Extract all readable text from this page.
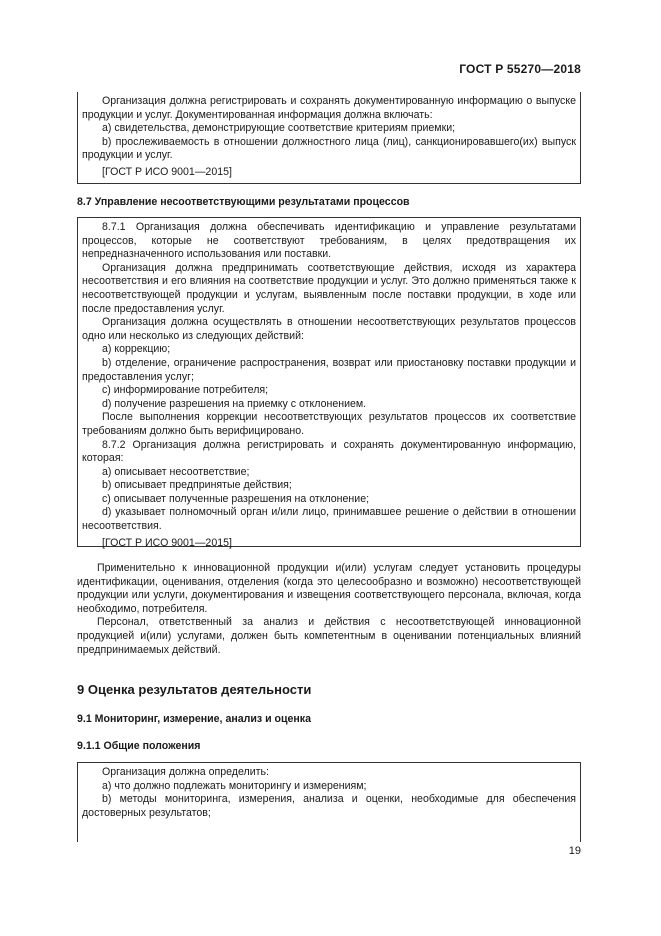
ГОСТ Р 55270—2018
Организация должна регистрировать и сохранять документированную информацию о выпуске продукции и услуг. Документированная информация должна включать:
а) свидетельства, демонстрирующие соответствие критериям приемки;
b) прослеживаемость в отношении должностного лица (лиц), санкционировавшего(их) выпуск продукции и услуг.
[ГОСТ Р ИСО 9001—2015]
8.7 Управление несоответствующими результатами процессов
8.7.1 Организация должна обеспечивать идентификацию и управление результатами процессов, которые не соответствуют требованиям, в целях предотвращения их непредназначенного использования или поставки.
Организация должна предпринимать соответствующие действия, исходя из характера несоответствия и его влияния на соответствие продукции и услуг. Это должно применяться также к несоответствующей продукции и услугам, выявленным после поставки продукции, в ходе или после предоставления услуг.
Организация должна осуществлять в отношении несоответствующих результатов процессов одно или несколько из следующих действий:
а) коррекцию;
b) отделение, ограничение распространения, возврат или приостановку поставки продукции и предоставления услуг;
c) информирование потребителя;
d) получение разрешения на приемку с отклонением.
После выполнения коррекции несоответствующих результатов процессов их соответствие требованиям должно быть верифицировано.
8.7.2 Организация должна регистрировать и сохранять документированную информацию, которая:
а) описывает несоответствие;
b) описывает предпринятые действия;
c) описывает полученные разрешения на отклонение;
d) указывает полномочный орган и/или лицо, принимавшее решение о действии в отношении несоответствия.
[ГОСТ Р ИСО 9001—2015]
Применительно к инновационной продукции и(или) услугам следует установить процедуры идентификации, оценивания, отделения (когда это целесообразно и возможно) несоответствующей продукции или услуги, документирования и извещения соответствующего персонала, включая, когда необходимо, потребителя.
Персонал, ответственный за анализ и действия с несоответствующей инновационной продукцией и(или) услугами, должен быть компетентным в оценивании потенциальных влияний предпринимаемых действий.
9 Оценка результатов деятельности
9.1 Мониторинг, измерение, анализ и оценка
9.1.1 Общие положения
Организация должна определить:
а) что должно подлежать мониторингу и измерениям;
b) методы мониторинга, измерения, анализа и оценки, необходимые для обеспечения достоверных результатов;
19
